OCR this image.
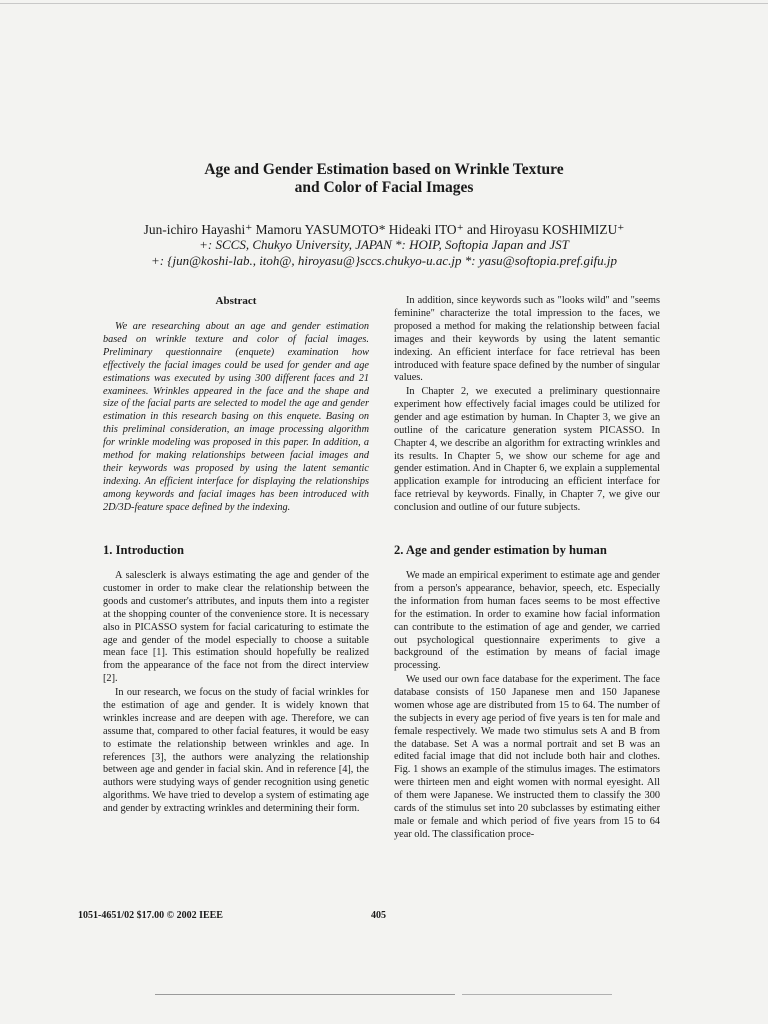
Age and Gender Estimation based on Wrinkle Texture
and Color of Facial Images
Jun-ichiro Hayashi⁺ Mamoru YASUMOTO* Hideaki ITO⁺ and Hiroyasu KOSHIMIZU⁺
+: SCCS, Chukyo University, JAPAN *: HOIP, Softopia Japan and JST
+: {jun@koshi-lab., itoh@, hiroyasu@}sccs.chukyo-u.ac.jp *: yasu@softopia.pref.gifu.jp
Abstract

We are researching about an age and gender estimation based on wrinkle texture and color of facial images. Preliminary questionnaire (enquete) examination how effectively the facial images could be used for gender and age estimations was executed by using 300 different faces and 21 examinees. Wrinkles appeared in the face and the shape and size of the facial parts are selected to model the age and gender estimation in this research basing on this enquete. Basing on this preliminal consideration, an image processing algorithm for wrinkle modeling was proposed in this paper. In addition, a method for making relationships between facial images and their keywords was proposed by using the latent semantic indexing. An efficient interface for displaying the relationships among keywords and facial images has been introduced with 2D/3D-feature space defined by the indexing.

1. Introduction

A salesclerk is always estimating the age and gender of the customer in order to make clear the relationship between the goods and customer's attributes, and inputs them into a register at the shopping counter of the convenience store. It is necessary also in PICASSO system for facial caricaturing to estimate the age and gender of the model especially to choose a suitable mean face [1]. This estimation should hopefully be realized from the appearance of the face not from the direct interview [2].

In our research, we focus on the study of facial wrinkles for the estimation of age and gender. It is widely known that wrinkles increase and are deepen with age. Therefore, we can assume that, compared to other facial features, it would be easy to estimate the relationship between wrinkles and age. In references [3], the authors were analyzing the relationship between age and gender in facial skin. And in reference [4], the authors were studying ways of gender recognition using genetic algorithms. We have tried to develop a system of estimating age and gender by extracting wrinkles and determining their form.

In addition, since keywords such as "looks wild" and "seems feminine" characterize the total impression to the faces, we proposed a method for making the relationship between facial images and their keywords by using the latent semantic indexing. An efficient interface for face retrieval has been introduced with feature space defined by the number of singular values.

In Chapter 2, we executed a preliminary questionnaire experiment how effectively facial images could be utilized for gender and age estimation by human. In Chapter 3, we give an outline of the caricature generation system PICASSO. In Chapter 4, we describe an algorithm for extracting wrinkles and its results. In Chapter 5, we show our scheme for age and gender estimation. And in Chapter 6, we explain a supplemental application example for introducing an efficient interface for face retrieval by keywords. Finally, in Chapter 7, we give our conclusion and outline of our future subjects.

2. Age and gender estimation by human

We made an empirical experiment to estimate age and gender from a person's appearance, behavior, speech, etc. Especially the information from human faces seems to be most effective for the estimation. In order to examine how facial information can contribute to the estimation of age and gender, we carried out psychological questionnaire experiments to give a background of the estimation by means of facial image processing.

We used our own face database for the experiment. The face database consists of 150 Japanese men and 150 Japanese women whose age are distributed from 15 to 64. The number of the subjects in every age period of five years is ten for male and female respectively. We made two stimulus sets A and B from the database. Set A was a normal portrait and set B was an edited facial image that did not include both hair and clothes. Fig. 1 shows an example of the stimulus images. The estimators were thirteen men and eight women with normal eyesight. All of them were Japanese. We instructed them to classify the 300 cards of the stimulus set into 20 subclasses by estimating either male or female and which period of five years from 15 to 64 year old. The classification proce-

1051-4651/02 $17.00 © 2002 IEEE	405
